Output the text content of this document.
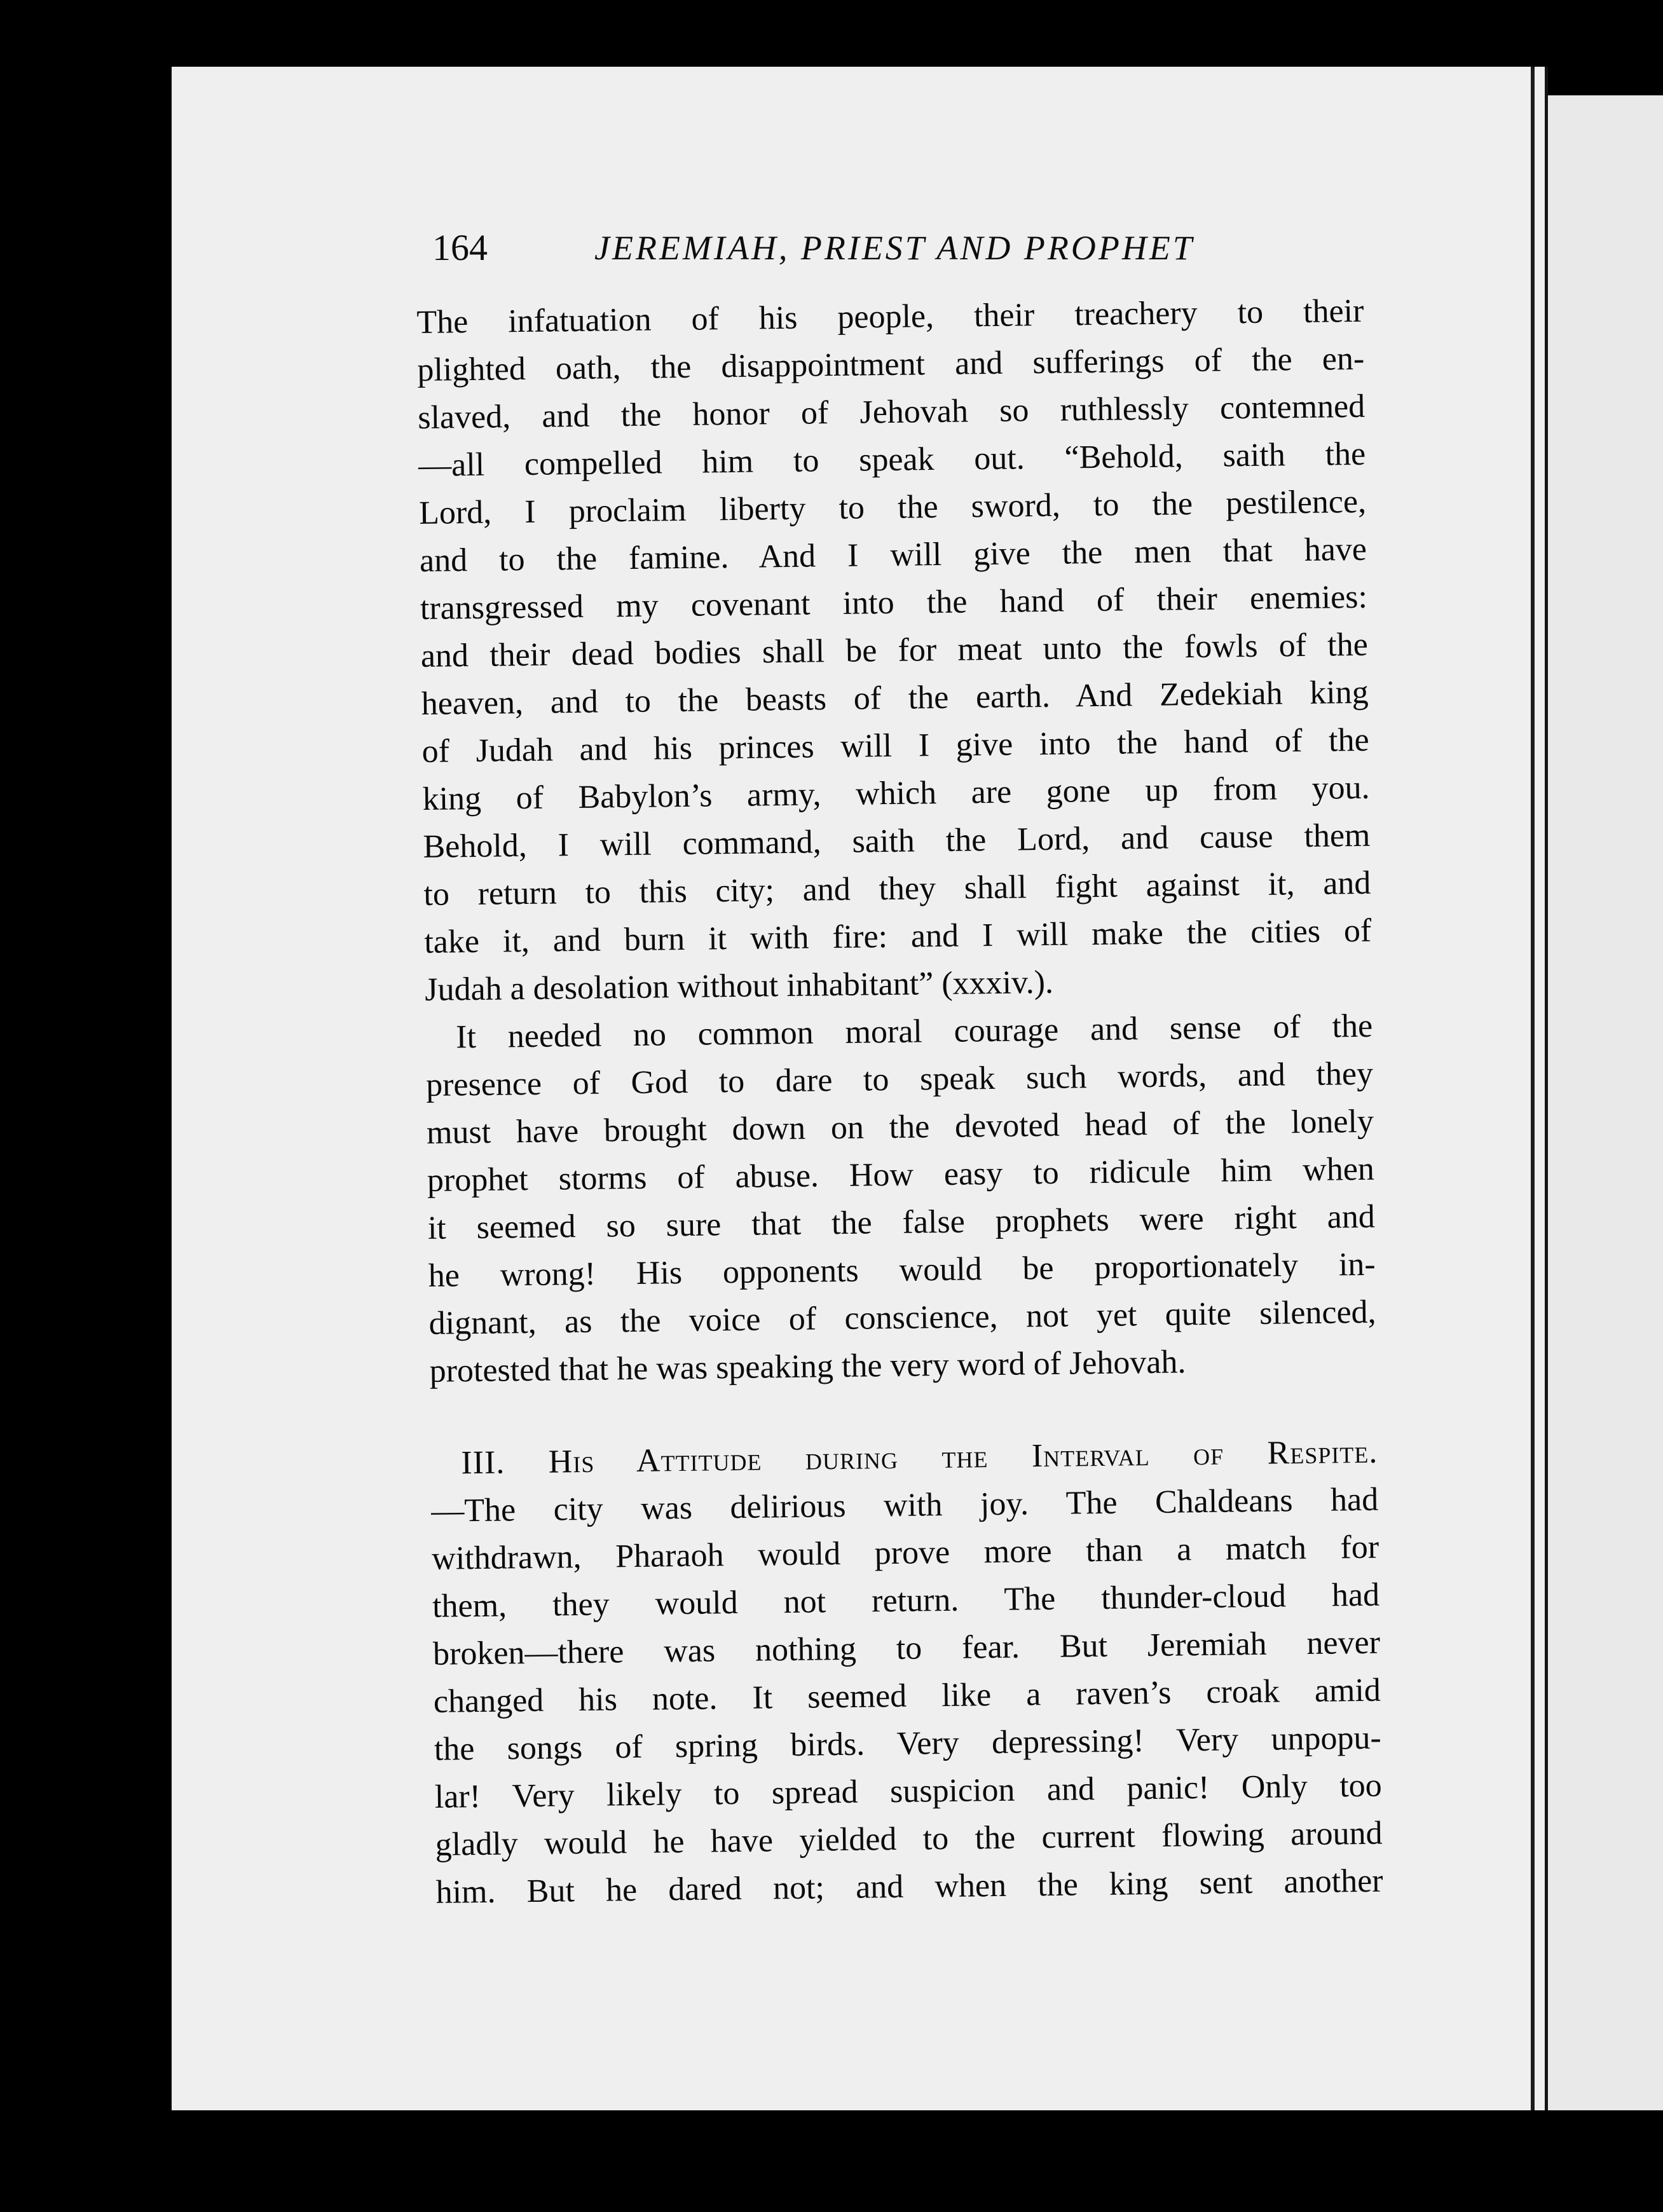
164	JEREMIAH, PRIEST AND PROPHET
The infatuation of his people, their treachery to their
plighted oath, the disappointment and sufferings of the en-
slaved, and the honor of Jehovah so ruthlessly contemned
—all compelled him to speak out. “Behold, saith the
Lord, I proclaim liberty to the sword, to the pestilence,
and to the famine. And I will give the men that have
transgressed my covenant into the hand of their enemies:
and their dead bodies shall be for meat unto the fowls of the
heaven, and to the beasts of the earth. And Zedekiah king
of Judah and his princes will I give into the hand of the
king of Babylon’s army, which are gone up from you.
Behold, I will command, saith the Lord, and cause them
to return to this city; and they shall fight against it, and
take it, and burn it with fire: and I will make the cities of
Judah a desolation without inhabitant” (xxxiv.).
It needed no common moral courage and sense of the
presence of God to dare to speak such words, and they
must have brought down on the devoted head of the lonely
prophet storms of abuse. How easy to ridicule him when
it seemed so sure that the false prophets were right and
he wrong! His opponents would be proportionately in-
dignant, as the voice of conscience, not yet quite silenced,
protested that he was speaking the very word of Jehovah.
III. His Attitude during the Interval of Respite.
—The city was delirious with joy. The Chaldeans had
withdrawn, Pharaoh would prove more than a match for
them, they would not return. The thunder-cloud had
broken—there was nothing to fear. But Jeremiah never
changed his note. It seemed like a raven’s croak amid
the songs of spring birds. Very depressing! Very unpopu-
lar! Very likely to spread suspicion and panic! Only too
gladly would he have yielded to the current flowing around
him. But he dared not; and when the king sent another
